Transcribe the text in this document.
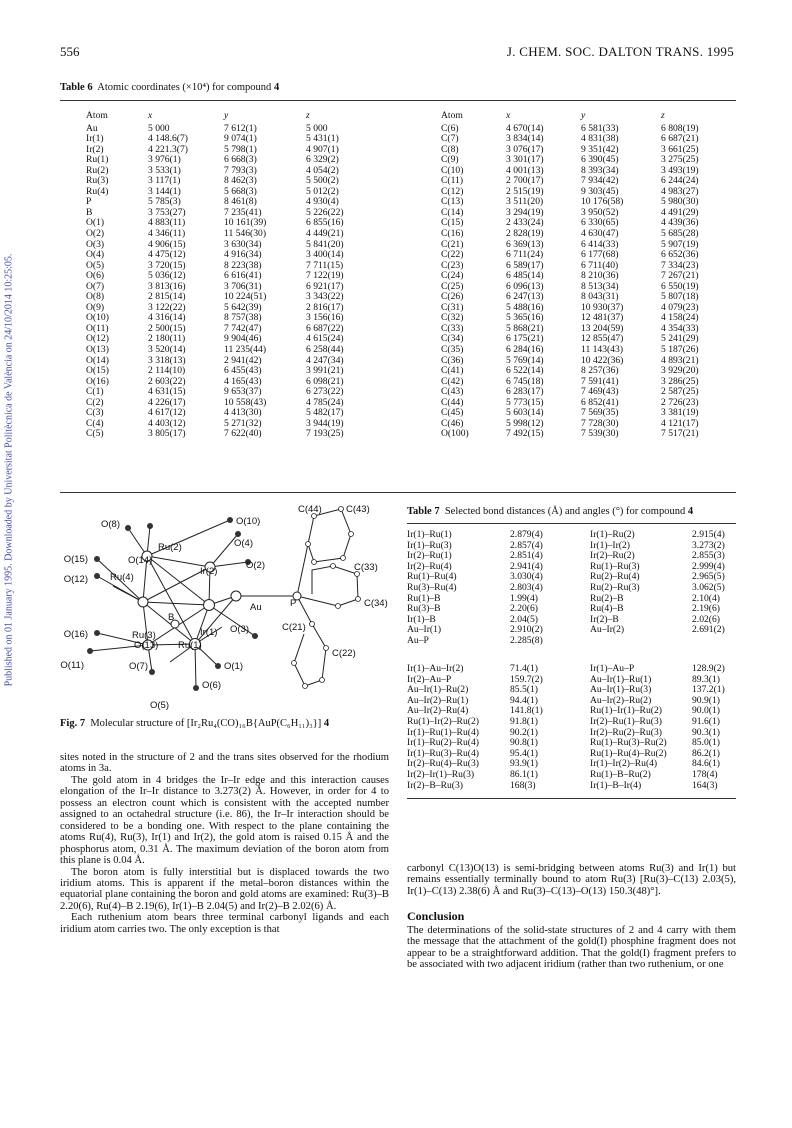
Published on 01 January 1995. Downloaded by Universitat Politècnica de València on 24/10/2014 10:25:05.
556	J. CHEM. SOC. DALTON TRANS. 1995
Table 6 Atomic coordinates (×10⁴) for compound 4
Atom	x	y	z
Au	5 000	7 612(1)	5 000
Ir(1)	4 148.6(7)	9 074(1)	5 431(1)
Ir(2)	4 221.3(7)	5 798(1)	4 907(1)
Ru(1)	3 976(1)	6 668(3)	6 329(2)
Ru(2)	3 533(1)	7 793(3)	4 054(2)
Ru(3)	3 117(1)	8 462(3)	5 500(2)
Ru(4)	3 144(1)	5 668(3)	5 012(2)
P	5 785(3)	8 461(8)	4 930(4)
B	3 753(27)	7 235(41)	5 226(22)
O(1)	4 883(11)	10 161(39)	6 855(16)
O(2)	4 346(11)	11 546(30)	4 449(21)
O(3)	4 906(15)	3 630(34)	5 841(20)
O(4)	4 475(12)	4 916(34)	3 400(14)
O(5)	3 720(15)	8 223(38)	7 711(15)
O(6)	5 036(12)	6 616(41)	7 122(19)
O(7)	3 813(16)	3 706(31)	6 921(17)
O(8)	2 815(14)	10 224(51)	3 343(22)
O(9)	3 122(22)	5 642(39)	2 816(17)
O(10)	4 316(14)	8 757(38)	3 156(16)
O(11)	2 500(15)	7 742(47)	6 687(22)
O(12)	2 180(11)	9 904(46)	4 615(24)
O(13)	3 520(14)	11 235(44)	6 258(44)
O(14)	3 318(13)	2 941(42)	4 247(34)
O(15)	2 114(10)	6 455(43)	3 991(21)
O(16)	2 603(22)	4 165(43)	6 098(21)
C(1)	4 631(15)	9 653(37)	6 273(22)
C(2)	4 226(17)	10 558(43)	4 785(24)
C(3)	4 617(12)	4 413(30)	5 482(17)
C(4)	4 403(12)	5 271(32)	3 944(19)
C(5)	3 805(17)	7 622(40)	7 193(25)
Atom	x	y	z
C(6)	4 670(14)	6 581(33)	6 808(19)
C(7)	3 834(14)	4 831(38)	6 687(21)
C(8)	3 076(17)	9 351(42)	3 661(25)
C(9)	3 301(17)	6 390(45)	3 275(25)
C(10)	4 001(13)	8 393(34)	3 493(19)
C(11)	2 700(17)	7 934(42)	6 244(24)
C(12)	2 515(19)	9 303(45)	4 983(27)
C(13)	3 511(20)	10 176(58)	5 980(30)
C(14)	3 294(19)	3 950(52)	4 491(29)
C(15)	2 433(24)	6 330(65)	4 439(36)
C(16)	2 828(19)	4 630(47)	5 685(28)
C(21)	6 369(13)	6 414(33)	5 907(19)
C(22)	6 711(24)	6 177(68)	6 652(36)
C(23)	6 589(17)	6 711(40)	7 334(23)
C(24)	6 485(14)	8 210(36)	7 267(21)
C(25)	6 096(13)	8 513(34)	6 550(19)
C(26)	6 247(13)	8 043(31)	5 807(18)
C(31)	5 488(16)	10 930(37)	4 079(23)
C(32)	5 365(16)	12 481(37)	4 158(24)
C(33)	5 868(21)	13 204(59)	4 354(33)
C(34)	6 175(21)	12 855(47)	5 241(29)
C(35)	6 284(16)	11 143(43)	5 187(26)
C(36)	5 769(14)	10 422(36)	4 893(21)
C(41)	6 522(14)	8 257(36)	3 929(20)
C(42)	6 745(18)	7 591(41)	3 286(25)
C(43)	6 283(17)	7 469(43)	2 587(25)
C(44)	5 773(15)	6 852(41)	2 726(23)
C(45)	5 603(14)	7 569(35)	3 381(19)
C(46)	5 998(12)	7 728(30)	4 121(17)
O(100)	7 492(15)	7 539(30)	7 517(21)
O(8)	O(10)
Ru(2)	O(4)
O(15)	O(14)
Ir(2)
O(2)
O(12) Ru(4)
Au
B
P
Ru(3)	Ir(1) O(3)
O(16)
O(13) Ru(1)
O(11)	O(7)	O(1)
O(6)
O(5)
C(44)	C(43)
C(33)
C(34)
C(21)
C(22)
Fig. 7 Molecular structure of [Ir₂Ru₄(CO)₁₆B{AuP(C₆H₁₁)₃}] 4
Table 7 Selected bond distances (Å) and angles (°) for compound 4
Ir(1)–Ru(1)	2.879(4)	Ir(1)–Ru(2)	2.915(4)
Ir(1)–Ru(3)	2.857(4)	Ir(1)–Ir(2)	3.273(2)
Ir(2)–Ru(1)	2.851(4)	Ir(2)–Ru(2)	2.855(3)
Ir(2)–Ru(4)	2.941(4)	Ru(1)–Ru(3)	2.999(4)
Ru(1)–Ru(4)	3.030(4)	Ru(2)–Ru(4)	2.965(5)
Ru(3)–Ru(4)	2.803(4)	Ru(2)–Ru(3)	3.062(5)
Ru(1)–B	1.99(4)	Ru(2)–B	2.10(4)
Ru(3)–B	2.20(6)	Ru(4)–B	2.19(6)
Ir(1)–B	2.04(5)	Ir(2)–B	2.02(6)
Au–Ir(1)	2.910(2)	Au–Ir(2)	2.691(2)
Au–P	2.285(8)		
Ir(1)–Au–Ir(2)	71.4(1)	Ir(1)–Au–P	128.9(2)
Ir(2)–Au–P	159.7(2)	Au–Ir(1)–Ru(1)	89.3(1)
Au–Ir(1)–Ru(2)	85.5(1)	Au–Ir(1)–Ru(3)	137.2(1)
Au–Ir(2)–Ru(1)	94.4(1)	Au–Ir(2)–Ru(2)	90.9(1)
Au–Ir(2)–Ru(4)	141.8(1)	Ru(1)–Ir(1)–Ru(2)	90.0(1)
Ru(1)–Ir(2)–Ru(2)	91.8(1)	Ir(2)–Ru(1)–Ru(3)	91.6(1)
Ir(1)–Ru(1)–Ru(4)	90.2(1)	Ir(2)–Ru(2)–Ru(3)	90.3(1)
Ir(1)–Ru(2)–Ru(4)	90.8(1)	Ru(1)–Ru(3)–Ru(2)	85.0(1)
Ir(1)–Ru(3)–Ru(4)	95.4(1)	Ru(1)–Ru(4)–Ru(2)	86.2(1)
Ir(2)–Ru(4)–Ru(3)	93.9(1)	Ir(1)–Ir(2)–Ru(4)	84.6(1)
Ir(2)–Ir(1)–Ru(3)	86.1(1)	Ru(1)–B–Ru(2)	178(4)
Ir(2)–B–Ru(3)	168(3)	Ir(1)–B–Ir(4)	164(3)

sites noted in the structure of 2 and the trans sites observed for the rhodium atoms in 3a.

The gold atom in 4 bridges the Ir–Ir edge and this interaction causes elongation of the Ir–Ir distance to 3.273(2) Å. However, in order for 4 to possess an electron count which is consistent with the accepted number assigned to an octahedral structure (i.e. 86), the Ir–Ir interaction should be considered to be a bonding one. With respect to the plane containing the atoms Ru(4), Ru(3), Ir(1) and Ir(2), the gold atom is raised 0.15 Å and the phosphorus atom, 0.31 Å. The maximum deviation of the boron atom from this plane is 0.04 Å.

The boron atom is fully interstitial but is displaced towards the two iridium atoms. This is apparent if the metal–boron distances within the equatorial plane containing the boron and gold atoms are examined: Ru(3)–B 2.20(6), Ru(4)–B 2.19(6), Ir(1)–B 2.04(5) and Ir(2)–B 2.02(6) Å.

Each ruthenium atom bears three terminal carbonyl ligands and each iridium atom carries two. The only exception is that

carbonyl C(13)O(13) is semi-bridging between atoms Ru(3) and Ir(1) but remains essentially terminally bound to atom Ru(3) [Ru(3)–C(13) 2.03(5), Ir(1)–C(13) 2.38(6) Å and Ru(3)–C(13)–O(13) 150.3(48)°].

Conclusion

The determinations of the solid-state structures of 2 and 4 carry with them the message that the attachment of the gold(I) phosphine fragment does not appear to be a straightforward addition. That the gold(I) fragment prefers to be associated with two adjacent iridium (rather than two ruthenium, or one
